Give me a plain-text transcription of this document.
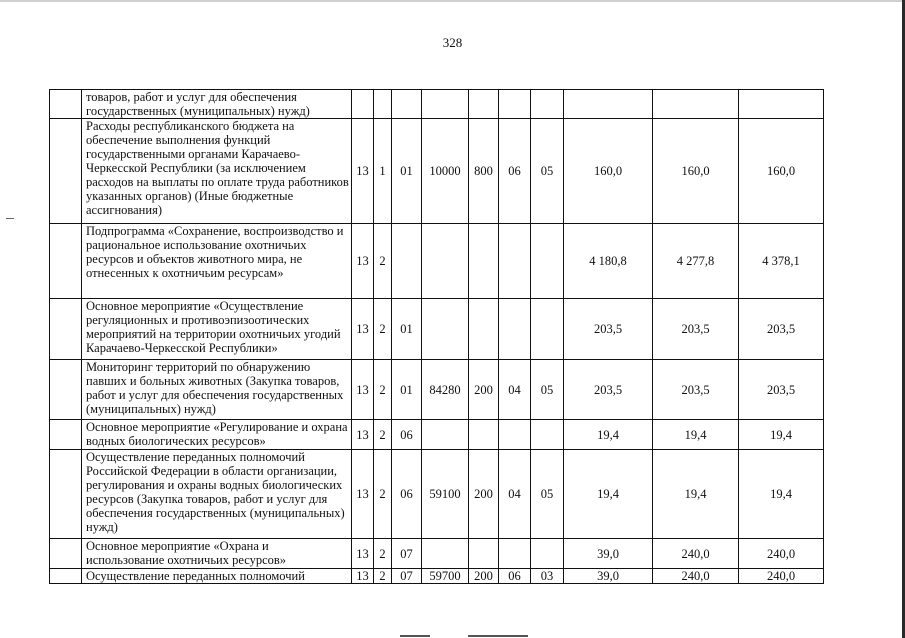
328
	товаров, работ и услуг для обеспечения государственных (муниципальных) нужд)										
	Расходы республиканского бюджета на обеспечение выполнения функций государственными органами Карачаево-Черкесской Республики (за исключением расходов на выплаты по оплате труда работников указанных органов) (Иные бюджетные ассигнования)	13	1	01	10000	800	06	05	160,0	160,0	160,0
	Подпрограмма «Сохранение, воспроизводство и рациональное использование охотничьих ресурсов и объектов животного мира, не отнесенных к охотничьим ресурсам»	13	2						4 180,8	4 277,8	4 378,1
	Основное мероприятие «Осуществление регуляционных и противоэпизоотических мероприятий на территории охотничьих угодий Карачаево-Черкесской Республики»	13	2	01					203,5	203,5	203,5
	Мониторинг территорий по обнаружению павших и больных животных (Закупка товаров, работ и услуг для обеспечения государственных (муниципальных) нужд)	13	2	01	84280	200	04	05	203,5	203,5	203,5
	Основное мероприятие «Регулирование и охрана водных биологических ресурсов»	13	2	06					19,4	19,4	19,4
	Осуществление переданных полномочий Российской Федерации в области организации, регулирования и охраны водных биологических ресурсов (Закупка товаров, работ и услуг для обеспечения государственных (муниципальных) нужд)	13	2	06	59100	200	04	05	19,4	19,4	19,4
	Основное мероприятие «Охрана и использование охотничьих ресурсов»	13	2	07					39,0	240,0	240,0
	Осуществление переданных полномочий	13	2	07	59700	200	06	03	39,0	240,0	240,0
